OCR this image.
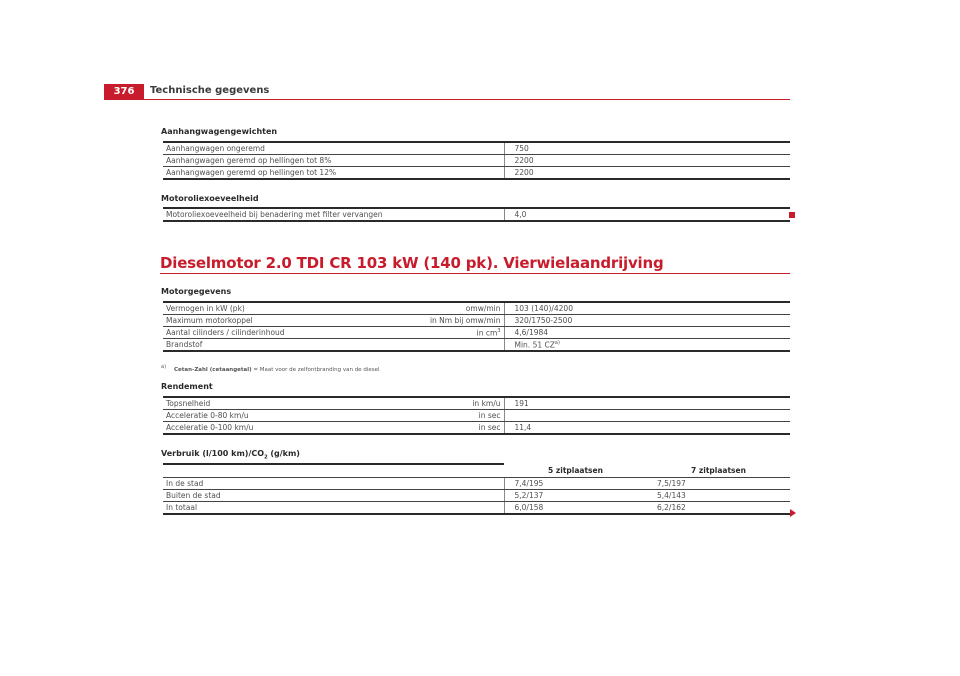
376	Technische gegevens
Aanhangwagengewichten
Aanhangwagen ongeremd	750
Aanhangwagen geremd op hellingen tot 8%	2200
Aanhangwagen geremd op hellingen tot 12%	2200
Motorolieхoeveelheid
Motorolieхoeveelheid bij benadering met filter vervangen	4,0
Dieselmotor 2.0 TDI CR 103 kW (140 pk). Vierwielaandrijving
Motorgegevens
Vermogen in kW (pk)	omw/min	103 (140)/4200
Maximum motorkoppel	in Nm bij omw/min	320/1750-2500
Aantal cilinders / cilinderinhoud	in $cm^3$	4,6/1984
Brandstof		Min. 51 CZ$^{a)}$
a) Cetan-Zahl (cetaangetal) = Maat voor de zelfontbranding van de diesel
Rendement
Topsnelheid	in km/u	191
Acceleratie 0-80 km/u	in sec	
Acceleratie 0-100 km/u	in sec	11,4
Verbruik (l/100 $km)/CO_2$ (g/km)
	5 zitplaatsen	7 zitplaatsen
In de stad	7,4/195	7,5/197
Buiten de stad	5,2/137	5,4/143
In totaal	6,0/158	6,2/162
